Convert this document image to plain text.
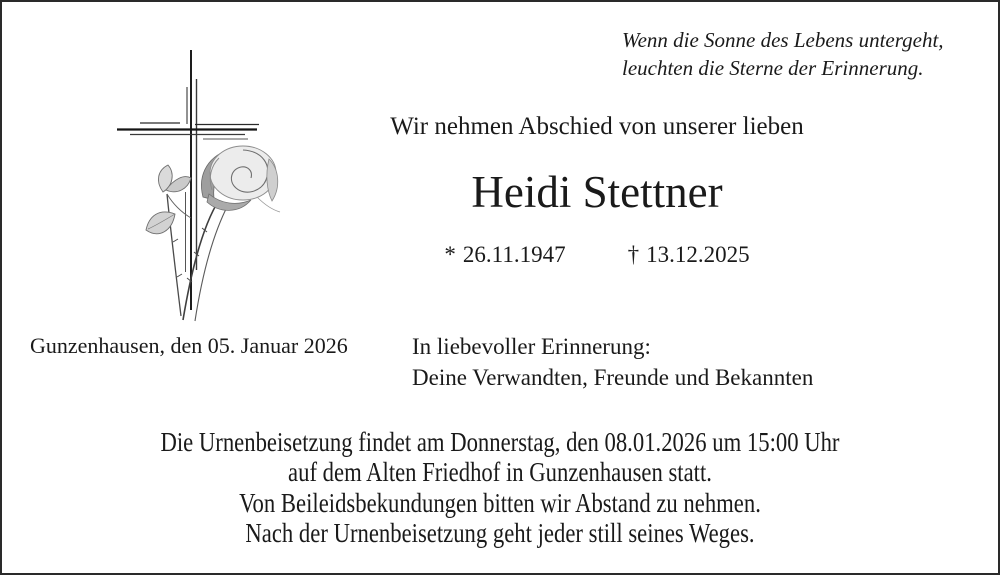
Wenn die Sonne des Lebens untergeht,
leuchten die Sterne der Erinnerung.
Wir nehmen Abschied von unserer lieben
Heidi Stettner
* 26.11.1947	† 13.12.2025
Gunzenhausen, den 05. Januar 2026	In liebevoller Erinnerung:
Deine Verwandten, Freunde und Bekannten
Die Urnenbeisetzung findet am Donnerstag, den 08.01.2026 um 15:00 Uhr
auf dem Alten Friedhof in Gunzenhausen statt.
Von Beileidsbekundungen bitten wir Abstand zu nehmen.
Nach der Urnenbeisetzung geht jeder still seines Weges.
